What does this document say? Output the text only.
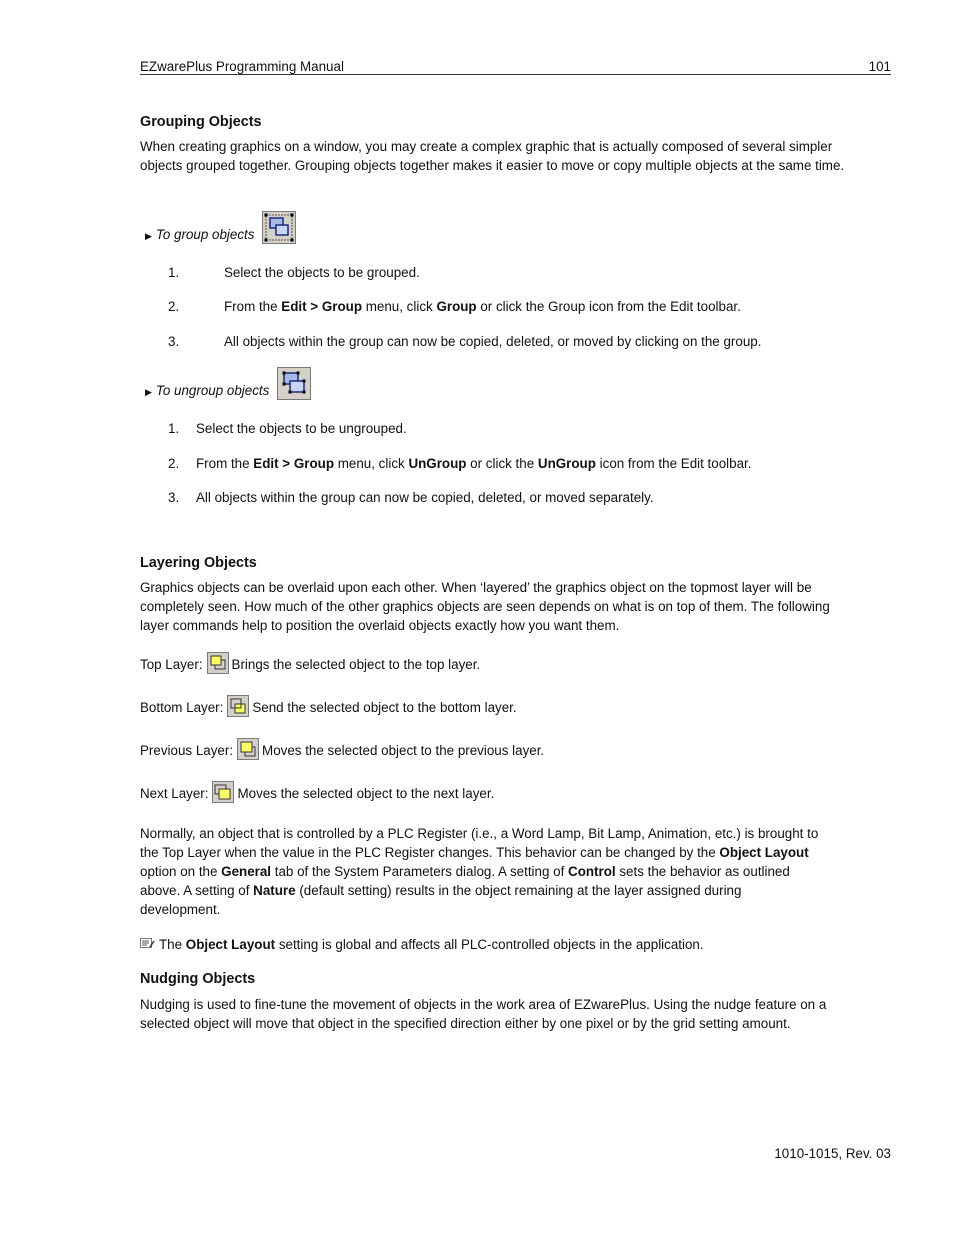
EZwarePlus Programming Manual	101
Grouping Objects

When creating graphics on a window, you may create a complex graphic that is actually composed of several simpler objects grouped together. Grouping objects together makes it easier to move or copy multiple objects at the same time.

▶ To group objects
1.	Select the objects to be grouped.
2.	From the Edit > Group menu, click Group or click the Group icon from the Edit toolbar.
3.	All objects within the group can now be copied, deleted, or moved by clicking on the group.
▶ To ungroup objects
1. Select the objects to be ungrouped.
2. From the Edit > Group menu, click UnGroup or click the UnGroup icon from the Edit toolbar.
3. All objects within the group can now be copied, deleted, or moved separately.
Layering Objects

Graphics objects can be overlaid upon each other. When ‘layered’ the graphics object on the topmost layer will be completely seen. How much of the other graphics objects are seen depends on what is on top of them. The following layer commands help to position the overlaid objects exactly how you want them.

Top Layer: Brings the selected object to the top layer.
Bottom Layer: Send the selected object to the bottom layer.
Previous Layer: Moves the selected object to the previous layer.
Next Layer: Moves the selected object to the next layer.

Normally, an object that is controlled by a PLC Register (i.e., a Word Lamp, Bit Lamp, Animation, etc.) is brought to the Top Layer when the value in the PLC Register changes. This behavior can be changed by the Object Layout option on the General tab of the System Parameters dialog. A setting of Control sets the behavior as outlined above. A setting of Nature (default setting) results in the object remaining at the layer assigned during development.

The Object Layout setting is global and affects all PLC-controlled objects in the application.
Nudging Objects

Nudging is used to fine-tune the movement of objects in the work area of EZwarePlus. Using the nudge feature on a selected object will move that object in the specified direction either by one pixel or by the grid setting amount.

1010-1015, Rev. 03
